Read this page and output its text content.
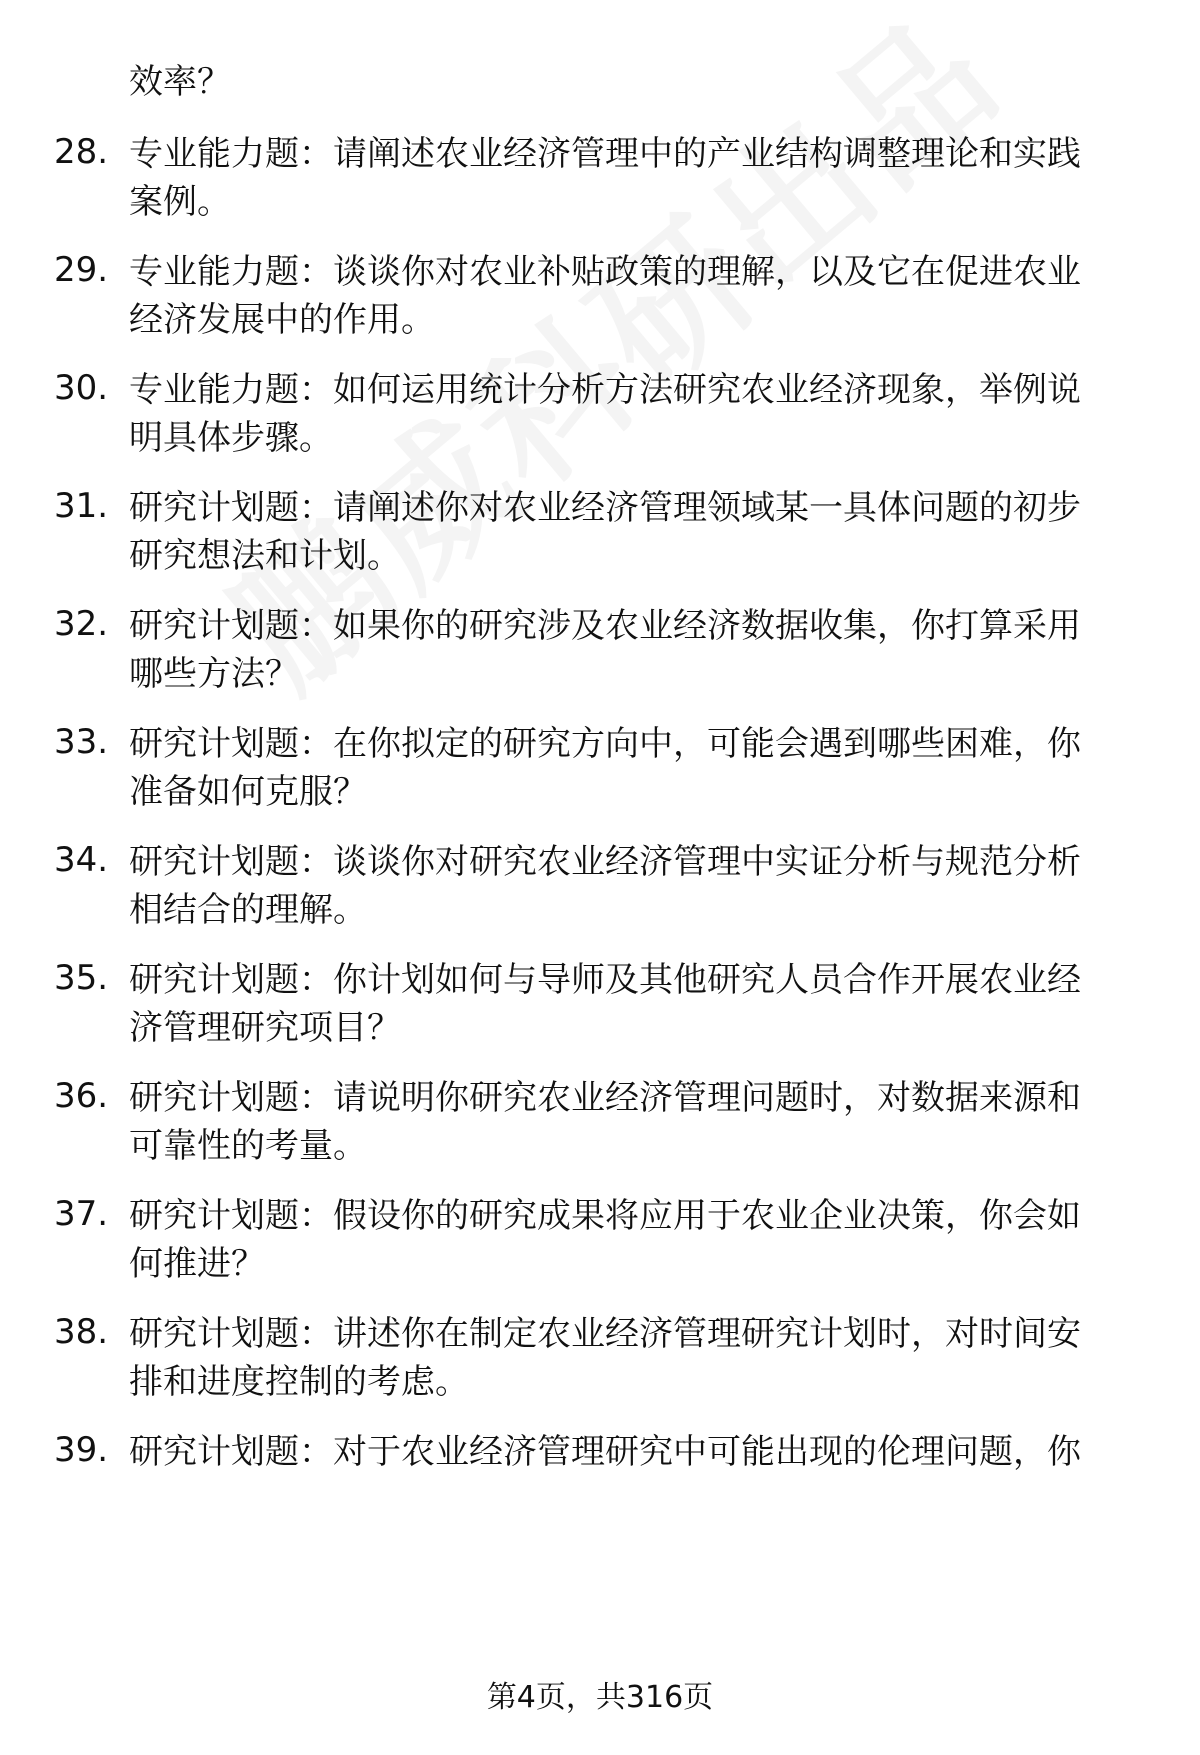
效率？
28. 专业能力题：请阐述农业经济管理中的产业结构调整理论和实践
案例。
29. 专业能力题：谈谈你对农业补贴政策的理解，以及它在促进农业
经济发展中的作用。
30. 专业能力题：如何运用统计分析方法研究农业经济现象，举例说
明具体步骤。
31. 研究计划题：请阐述你对农业经济管理领域某一具体问题的初步
研究想法和计划。
32. 研究计划题：如果你的研究涉及农业经济数据收集，你打算采用
哪些方法？
33. 研究计划题：在你拟定的研究方向中，可能会遇到哪些困难，你
准备如何克服？
34. 研究计划题：谈谈你对研究农业经济管理中实证分析与规范分析
相结合的理解。
35. 研究计划题：你计划如何与导师及其他研究人员合作开展农业经
济管理研究项目？
36. 研究计划题：请说明你研究农业经济管理问题时，对数据来源和
可靠性的考量。
37. 研究计划题：假设你的研究成果将应用于农业企业决策，你会如
何推进？
38. 研究计划题：讲述你在制定农业经济管理研究计划时，对时间安
排和进度控制的考虑。
39. 研究计划题：对于农业经济管理研究中可能出现的伦理问题，你
第4页，共316页
